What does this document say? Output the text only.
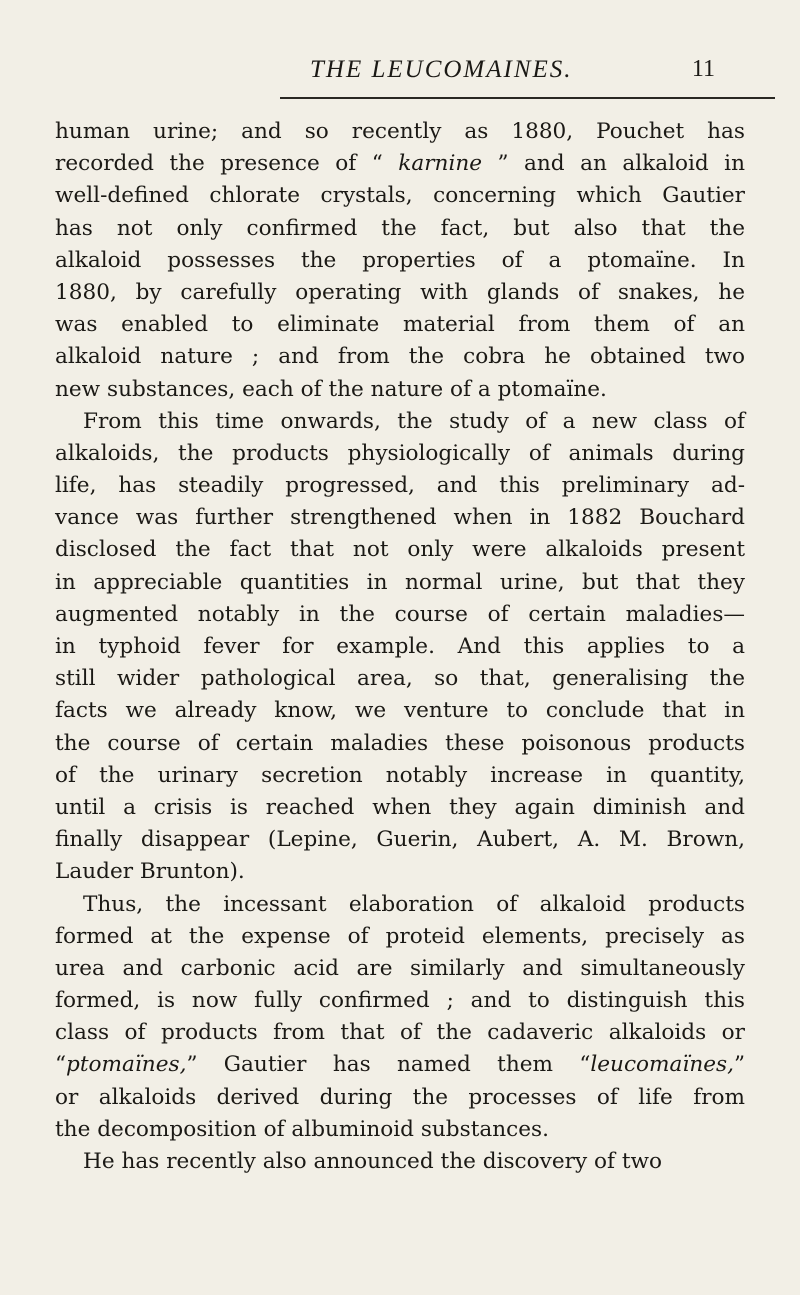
THE LEUCOMAINES.	11
human urine; and so recently as 1880, Pouchet has
recorded the presence of “ karnine ” and an alkaloid in
well-defined chlorate crystals, concerning which Gautier
has not only confirmed the fact, but also that the
alkaloid possesses the properties of a ptomaïne. In
1880, by carefully operating with glands of snakes, he
was enabled to eliminate material from them of an
alkaloid nature ; and from the cobra he obtained two
new substances, each of the nature of a ptomaïne.
From this time onwards, the study of a new class of
alkaloids, the products physiologically of animals during
life, has steadily progressed, and this preliminary ad-
vance was further strengthened when in 1882 Bouchard
disclosed the fact that not only were alkaloids present
in appreciable quantities in normal urine, but that they
augmented notably in the course of certain maladies—
in typhoid fever for example. And this applies to a
still wider pathological area, so that, generalising the
facts we already know, we venture to conclude that in
the course of certain maladies these poisonous products
of the urinary secretion notably increase in quantity,
until a crisis is reached when they again diminish and
finally disappear (Lepine, Guerin, Aubert, A. M. Brown,
Lauder Brunton).
Thus, the incessant elaboration of alkaloid products
formed at the expense of proteid elements, precisely as
urea and carbonic acid are similarly and simultaneously
formed, is now fully confirmed ; and to distinguish this
class of products from that of the cadaveric alkaloids or
“ptomaïnes,” Gautier has named them “leucomaïnes,”
or alkaloids derived during the processes of life from
the decomposition of albuminoid substances.
He has recently also announced the discovery of two
